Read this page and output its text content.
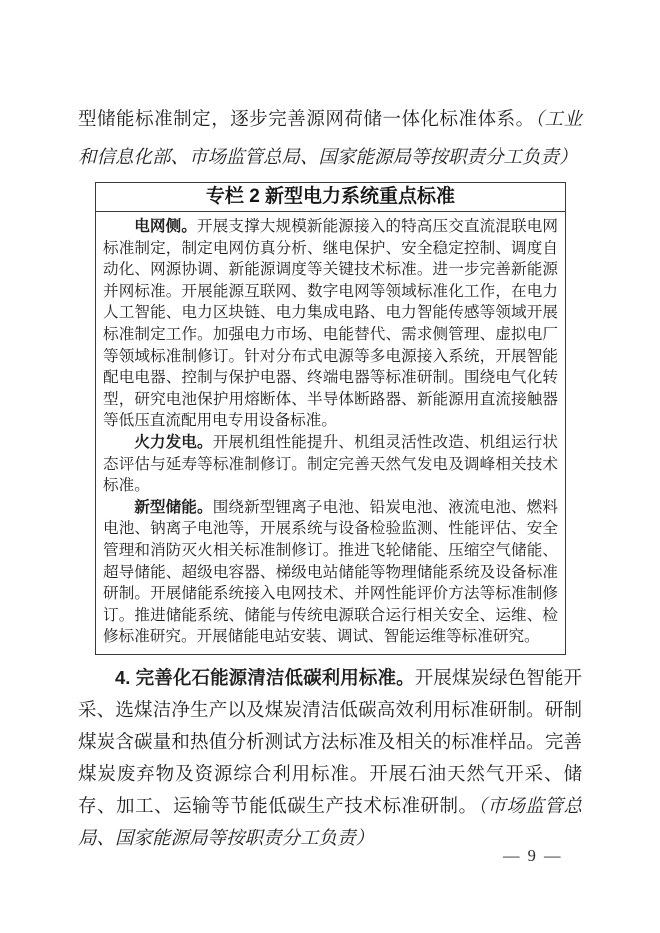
型储能标准制定，逐步完善源网荷储一体化标准体系。（工业和信息化部、市场监管总局、国家能源局等按职责分工负责）

专栏 2 新型电力系统重点标准

电网侧。开展支撑大规模新能源接入的特高压交直流混联电网标准制定，制定电网仿真分析、继电保护、安全稳定控制、调度自动化、网源协调、新能源调度等关键技术标准。进一步完善新能源并网标准。开展能源互联网、数字电网等领域标准化工作，在电力人工智能、电力区块链、电力集成电路、电力智能传感等领域开展标准制定工作。加强电力市场、电能替代、需求侧管理、虚拟电厂等领域标准制修订。针对分布式电源等多电源接入系统，开展智能配电电器、控制与保护电器、终端电器等标准研制。围绕电气化转型，研究电池保护用熔断体、半导体断路器、新能源用直流接触器等低压直流配用电专用设备标准。

火力发电。开展机组性能提升、机组灵活性改造、机组运行状态评估与延寿等标准制修订。制定完善天然气发电及调峰相关技术标准。

新型储能。围绕新型锂离子电池、铅炭电池、液流电池、燃料电池、钠离子电池等，开展系统与设备检验监测、性能评估、安全管理和消防灭火相关标准制修订。推进飞轮储能、压缩空气储能、超导储能、超级电容器、梯级电站储能等物理储能系统及设备标准研制。开展储能系统接入电网技术、并网性能评价方法等标准制修订。推进储能系统、储能与传统电源联合运行相关安全、运维、检修标准研究。开展储能电站安装、调试、智能运维等标准研究。

4. 完善化石能源清洁低碳利用标准。开展煤炭绿色智能开采、选煤洁净生产以及煤炭清洁低碳高效利用标准研制。研制煤炭含碳量和热值分析测试方法标准及相关的标准样品。完善煤炭废弃物及资源综合利用标准。开展石油天然气开采、储存、加工、运输等节能低碳生产技术标准研制。（市场监管总局、国家能源局等按职责分工负责）

— 9 —
